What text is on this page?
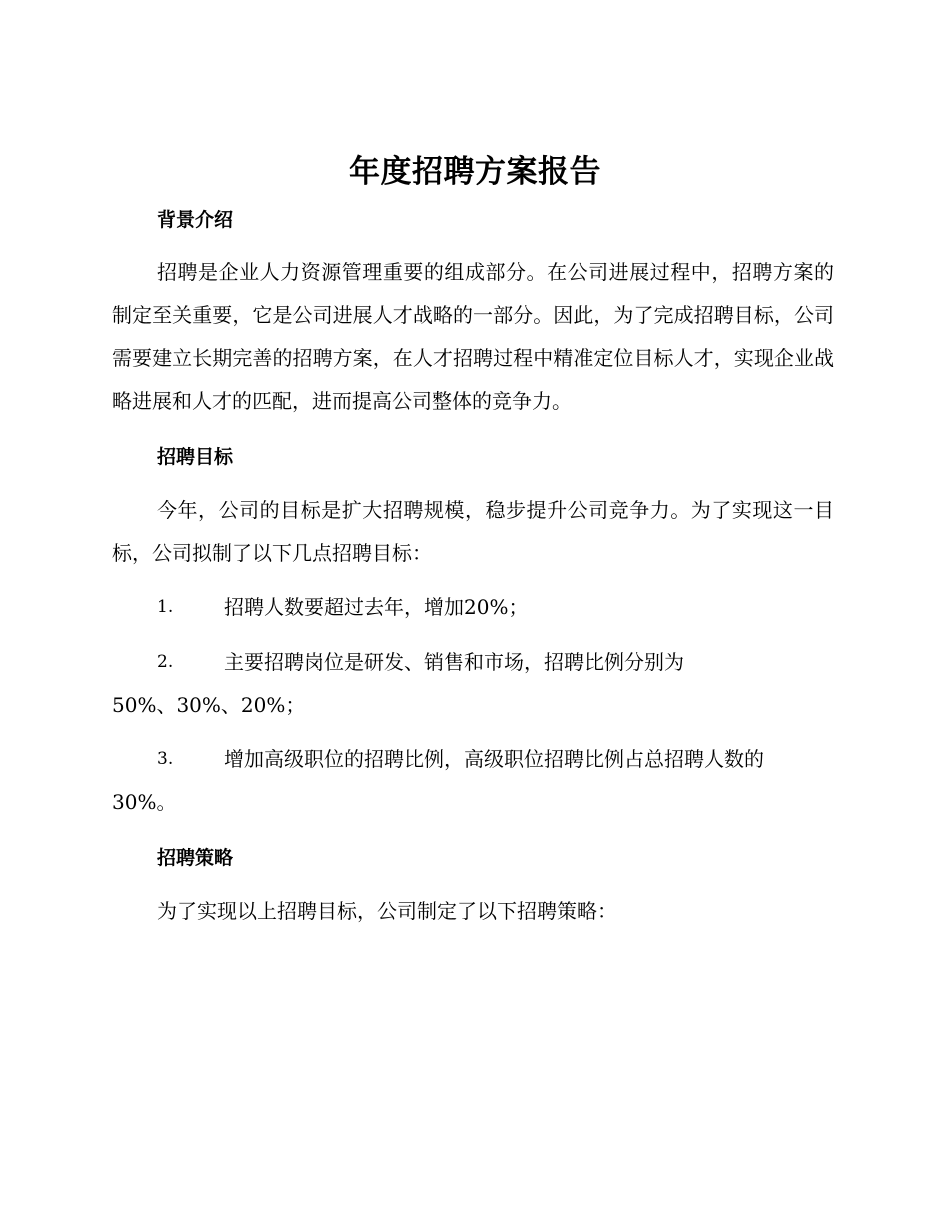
年度招聘方案报告
背景介绍

招聘是企业人力资源管理重要的组成部分。在公司进展过程中，招聘方案的制定至关重要，它是公司进展人才战略的一部分。因此，为了完成招聘目标，公司需要建立长期完善的招聘方案，在人才招聘过程中精准定位目标人才，实现企业战略进展和人才的匹配，进而提高公司整体的竞争力。

招聘目标

今年，公司的目标是扩大招聘规模，稳步提升公司竞争力。为了实现这一目标，公司拟制了以下几点招聘目标：

1.	招聘人数要超过去年，增加20%；
2.	主要招聘岗位是研发、销售和市场，招聘比例分别为
50%、30%、20%；
3.	增加高级职位的招聘比例，高级职位招聘比例占总招聘人数的
30%。
招聘策略

为了实现以上招聘目标，公司制定了以下招聘策略：
